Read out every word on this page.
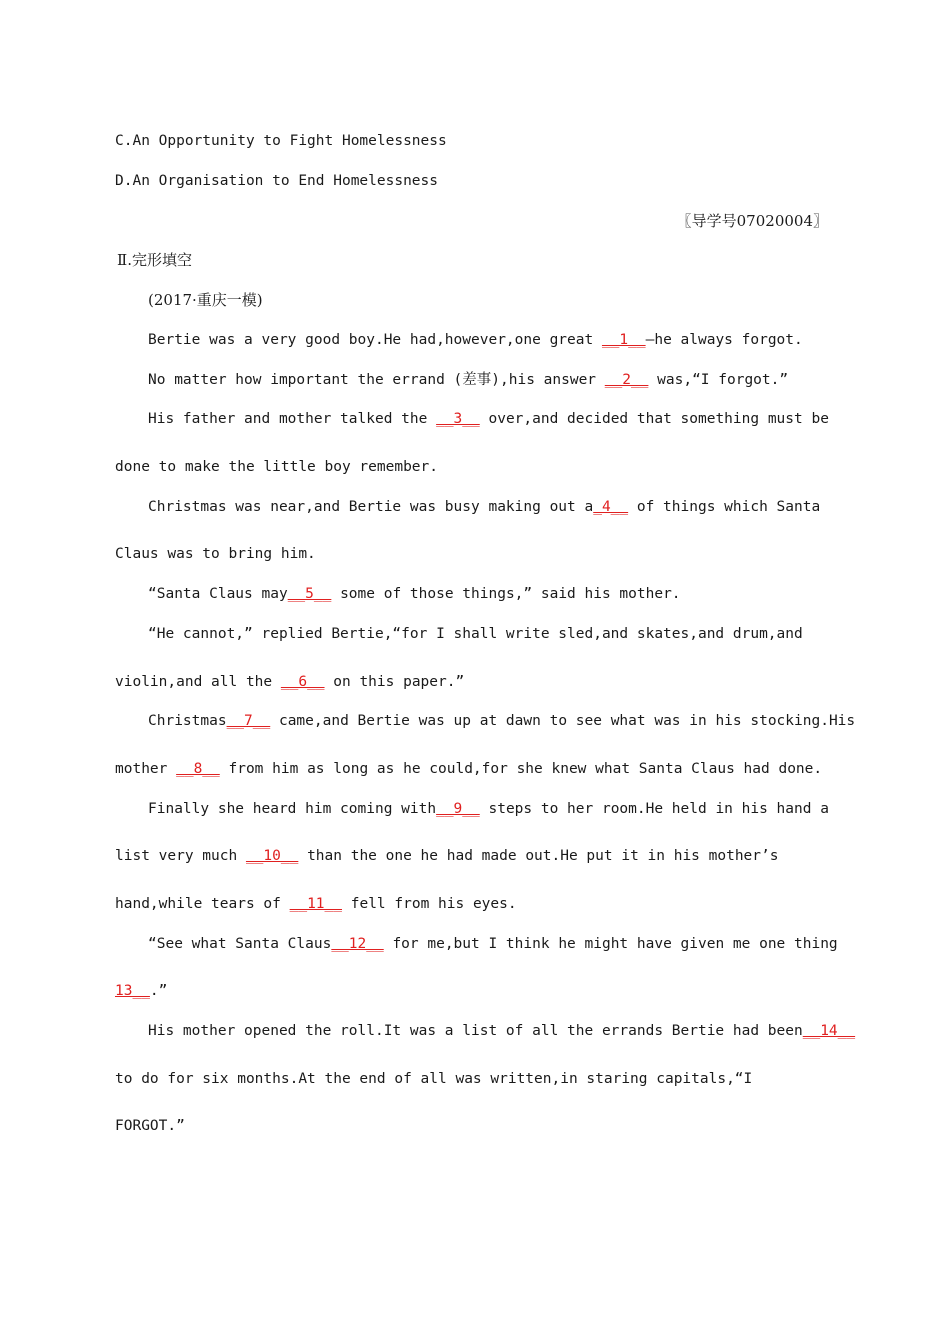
C.An Opportunity to Fight Homelessness
D.An Organisation to End Homelessness
〖导学号07020004〗
Ⅱ.完形填空
(2017·重庆一模)
Bertie was a very good boy.He had,however,one great __1__—he always forgot.
No matter how important the errand (差事),his answer __2__ was,“I forgot.”
His father and mother talked the __3__ over,and decided that something must be
done to make the little boy remember.
Christmas was near,and Bertie was busy making out a_4__ of things which Santa
Claus was to bring him.
“Santa Claus may__5__ some of those things,” said his mother.
“He cannot,” replied Bertie,“for I shall write sled,and skates,and drum,and
violin,and all the __6__ on this paper.”
Christmas__7__ came,and Bertie was up at dawn to see what was in his stocking.His
mother __8__ from him as long as he could,for she knew what Santa Claus had done.
Finally she heard him coming with__9__ steps to her room.He held in his hand a
list very much __10__ than the one he had made out.He put it in his mother’s
hand,while tears of __11__ fell from his eyes.
“See what Santa Claus__12__ for me,but I think he might have given me one thing
13__.”
His mother opened the roll.It was a list of all the errands Bertie had been__14__
to do for six months.At the end of all was written,in staring capitals,“I
FORGOT.”
